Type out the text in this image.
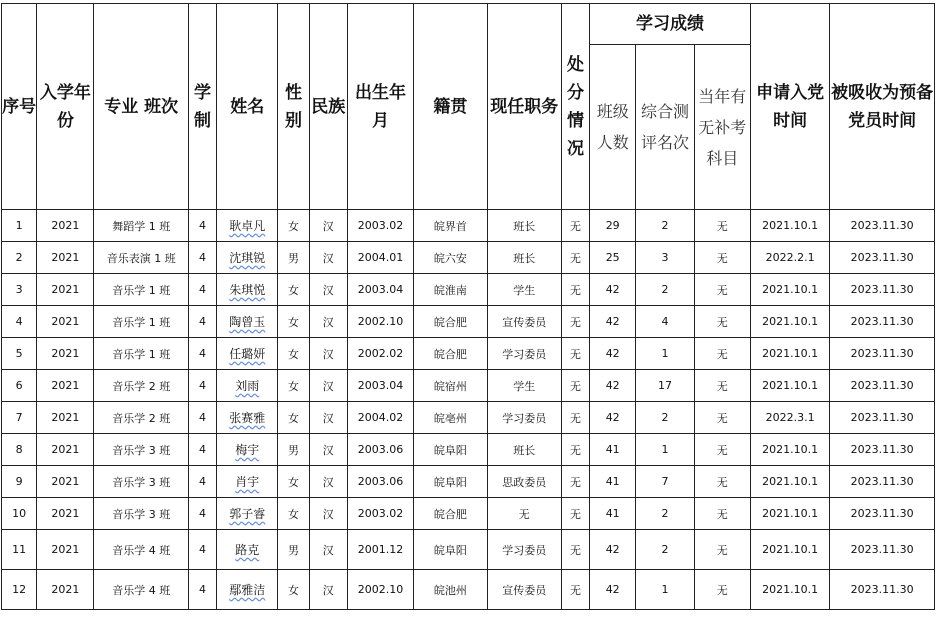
序号	入学年份	专业 班次	学制	姓名	性别	民族	出生年月	籍贯	现任职务	处分情况	学习成绩			申请入党时间	被吸收为预备党员时间
											班级人数	综合测评名次	当年有无补考科目		
1	2021	舞蹈学 1 班	4	耿卓凡	女	汉	2003.02	皖界首	班长	无	29	2	无	2021.10.1	2023.11.30
2	2021	音乐表演 1 班	4	沈琪锐	男	汉	2004.01	皖六安	班长	无	25	3	无	2022.2.1	2023.11.30
3	2021	音乐学 1 班	4	朱琪悦	女	汉	2003.04	皖淮南	学生	无	42	2	无	2021.10.1	2023.11.30
4	2021	音乐学 1 班	4	陶曾玉	女	汉	2002.10	皖合肥	宣传委员	无	42	4	无	2021.10.1	2023.11.30
5	2021	音乐学 1 班	4	任璐妍	女	汉	2002.02	皖合肥	学习委员	无	42	1	无	2021.10.1	2023.11.30
6	2021	音乐学 2 班	4	刘雨	女	汉	2003.04	皖宿州	学生	无	42	17	无	2021.10.1	2023.11.30
7	2021	音乐学 2 班	4	张赛雅	女	汉	2004.02	皖亳州	学习委员	无	42	2	无	2022.3.1	2023.11.30
8	2021	音乐学 3 班	4	梅宇	男	汉	2003.06	皖阜阳	班长	无	41	1	无	2021.10.1	2023.11.30
9	2021	音乐学 3 班	4	肖宇	女	汉	2003.06	皖阜阳	思政委员	无	41	7	无	2021.10.1	2023.11.30
10	2021	音乐学 3 班	4	郭子睿	女	汉	2003.02	皖合肥	无	无	41	2	无	2021.10.1	2023.11.30
11	2021	音乐学 4 班	4	路克	男	汉	2001.12	皖阜阳	学习委员	无	42	2	无	2021.10.1	2023.11.30
12	2021	音乐学 4 班	4	鄢雅洁	女	汉	2002.10	皖池州	宣传委员	无	42	1	无	2021.10.1	2023.11.30
